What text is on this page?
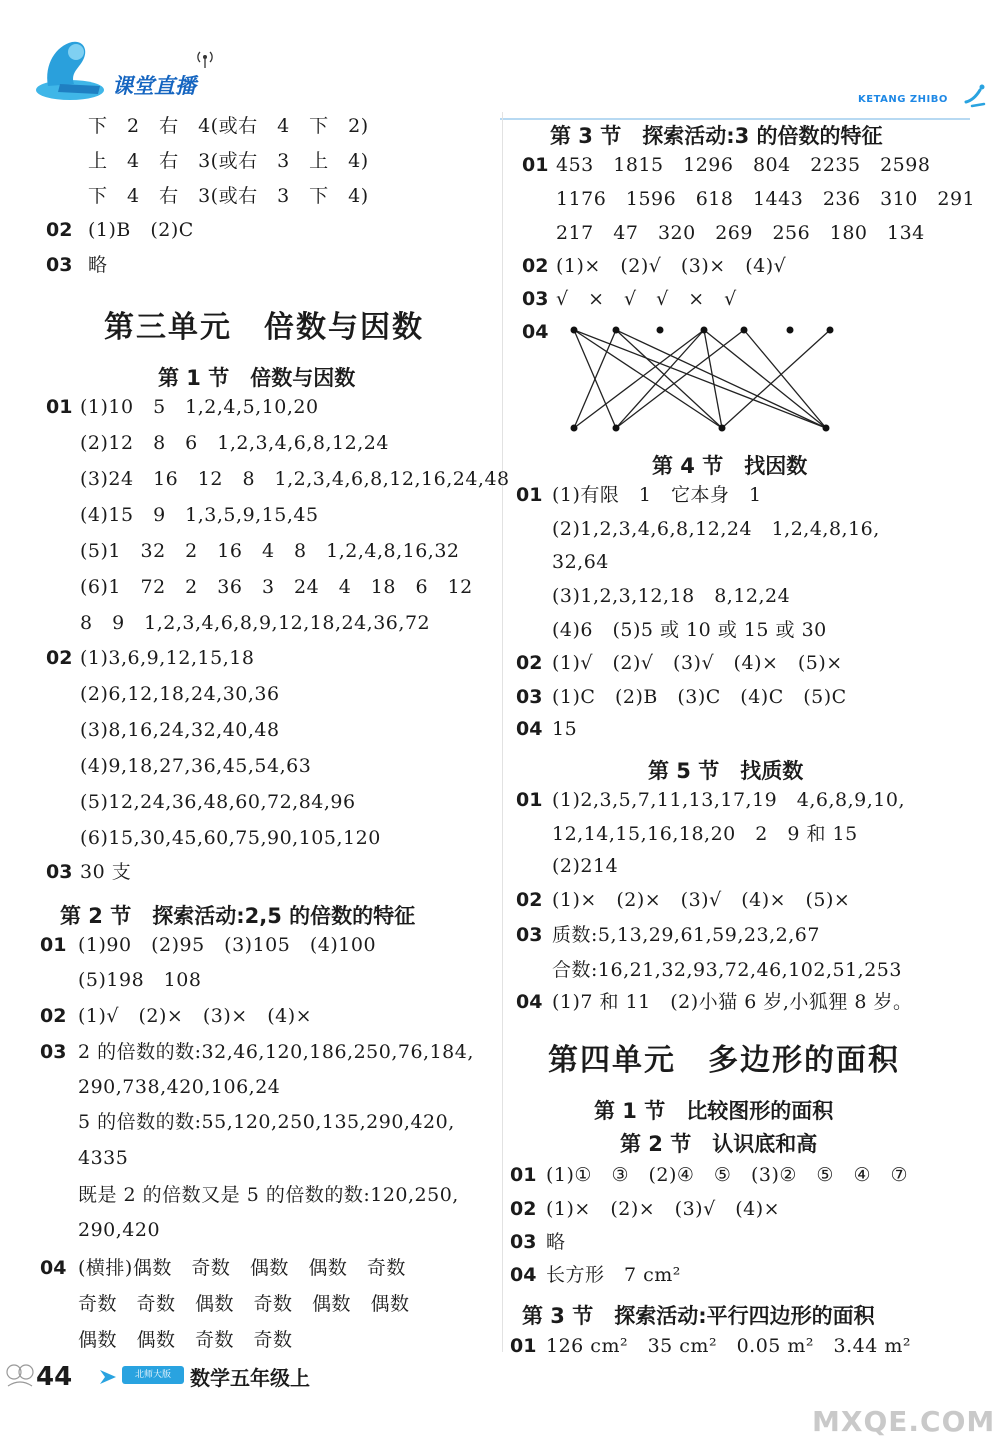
课堂直播
KETANG ZHIBO
下　2　右　4(或右　4　下　2)
上　4　右　3(或右　3　上　4)
下　4　右　3(或右　3　下　4)
02 (1)B　(2)C
03 略
第三单元　倍数与因数
第 1 节　倍数与因数
01 (1)10　5　1,2,4,5,10,20
(2)12　8　6　1,2,3,4,6,8,12,24
(3)24　16　12　8　1,2,3,4,6,8,12,16,24,48
(4)15　9　1,3,5,9,15,45
(5)1　32　2　16　4　8　1,2,4,8,16,32
(6)1　72　2　36　3　24　4　18　6　12
8　9　1,2,3,4,6,8,9,12,18,24,36,72
02 (1)3,6,9,12,15,18
(2)6,12,18,24,30,36
(3)8,16,24,32,40,48
(4)9,18,27,36,45,54,63
(5)12,24,36,48,60,72,84,96
(6)15,30,45,60,75,90,105,120
03 30 支
第 2 节　探索活动:2,5 的倍数的特征
01 (1)90　(2)95　(3)105　(4)100
(5)198　108
02 (1)√　(2)×　(3)×　(4)×
03 2 的倍数的数:32,46,120,186,250,76,184,
290,738,420,106,24
5 的倍数的数:55,120,250,135,290,420,
4335
既是 2 的倍数又是 5 的倍数的数:120,250,
290,420
04 (横排)偶数　奇数　偶数　偶数　奇数
奇数　奇数　偶数　奇数　偶数　偶数
偶数　偶数　奇数　奇数
第 3 节　探索活动:3 的倍数的特征
01 453　1815　1296　804　2235　2598
1176　1596　618　1443　236　310　291
217　47　320　269　256　180　134
02 (1)×　(2)√　(3)×　(4)√
03 √　×　√　√　×　√
04
第 4 节　找因数
01 (1)有限　1　它本身　1
(2)1,2,3,4,6,8,12,24　1,2,4,8,16,
32,64
(3)1,2,3,12,18　8,12,24
(4)6　(5)5 或 10 或 15 或 30
02 (1)√　(2)√　(3)√　(4)×　(5)×
03 (1)C　(2)B　(3)C　(4)C　(5)C
04 15
第 5 节　找质数
01 (1)2,3,5,7,11,13,17,19　4,6,8,9,10,
12,14,15,16,18,20　2　9 和 15
(2)214
02 (1)×　(2)×　(3)√　(4)×　(5)×
03 质数:5,13,29,61,59,23,2,67
合数:16,21,32,93,72,46,102,51,253
04 (1)7 和 11　(2)小猫 6 岁,小狐狸 8 岁。
第四单元　多边形的面积
第 1 节　比较图形的面积
第 2 节　认识底和高
01 (1)①　③　(2)④　⑤　(3)②　⑤　④　⑦
02 (1)×　(2)×　(3)√　(4)×
03 略
04 长方形　7 cm²
第 3 节　探索活动:平行四边形的面积
01 126 cm²　35 cm²　0.05 m²　3.44 m²
44	北师大版 数学五年级上
MXQE.COM
